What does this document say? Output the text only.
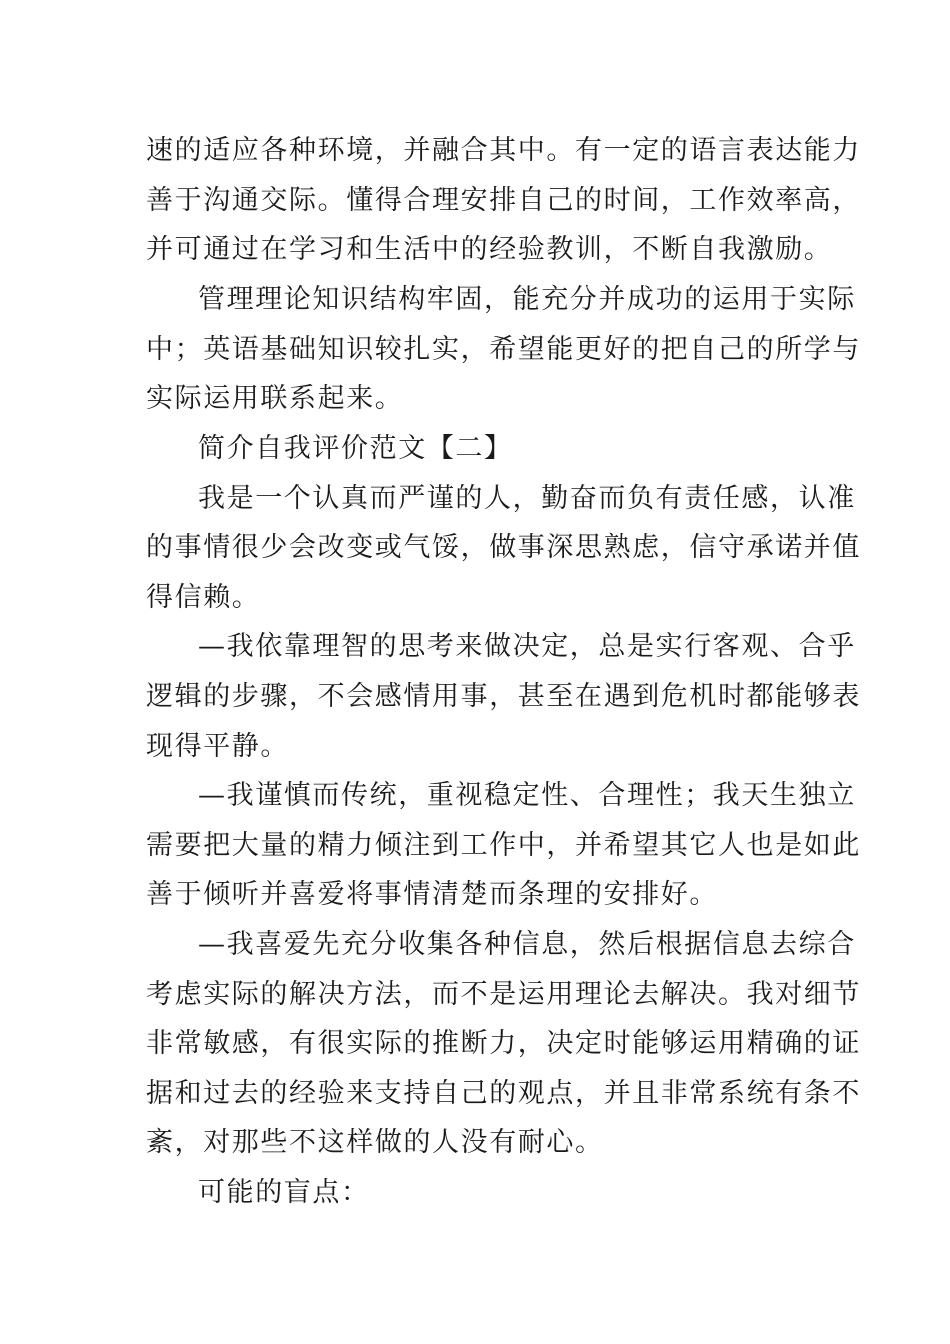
速的适应各种环境，并融合其中。有一定的语言表达能力
善于沟通交际。懂得合理安排自己的时间，工作效率高，
并可通过在学习和生活中的经验教训，不断自我激励。
管理理论知识结构牢固，能充分并成功的运用于实际
中；英语基础知识较扎实，希望能更好的把自己的所学与
实际运用联系起来。
简介自我评价范文【二】
我是一个认真而严谨的人，勤奋而负有责任感，认准
的事情很少会改变或气馁，做事深思熟虑，信守承诺并值
得信赖。
—我依靠理智的思考来做决定，总是实行客观、合乎
逻辑的步骤，不会感情用事，甚至在遇到危机时都能够表
现得平静。
—我谨慎而传统，重视稳定性、合理性；我天生独立
需要把大量的精力倾注到工作中，并希望其它人也是如此
善于倾听并喜爱将事情清楚而条理的安排好。
—我喜爱先充分收集各种信息，然后根据信息去综合
考虑实际的解决方法，而不是运用理论去解决。我对细节
非常敏感，有很实际的推断力，决定时能够运用精确的证
据和过去的经验来支持自己的观点，并且非常系统有条不
紊，对那些不这样做的人没有耐心。
可能的盲点：
